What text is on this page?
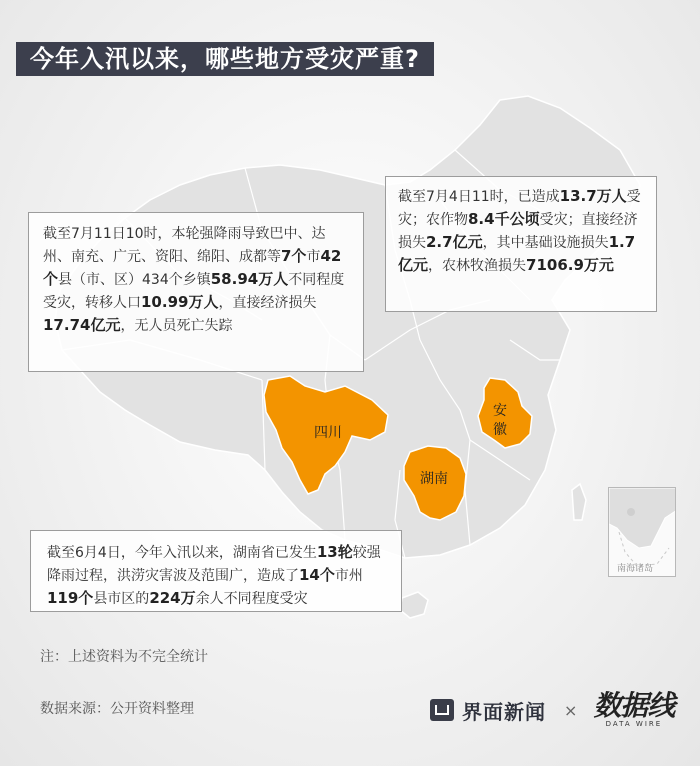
今年入汛以来，哪些地方受灾严重?
截至7月4日11时，已造成13.7万人受灾；农作物8.4千公顷受灾；直接经济损失2.7亿元，其中基础设施损失1.7亿元，农林牧渔损失7106.9万元
截至7月11日10时，本轮强降雨导致巴中、达州、南充、广元、资阳、绵阳、成都等7个市42个县（市、区）434个乡镇58.94万人不同程度受灾，转移人口10.99万人，直接经济损失17.74亿元，无人员死亡失踪
截至6月4日，今年入汛以来，湖南省已发生13轮较强降雨过程，洪涝灾害波及范围广，造成了14个市州119个县市区的224万余人不同程度受灾
四川
安徽
湖南
南海诸岛
注：上述资料为不完全统计
数据来源：公开资料整理	界面新闻 × 数据线
DATA WIRE
